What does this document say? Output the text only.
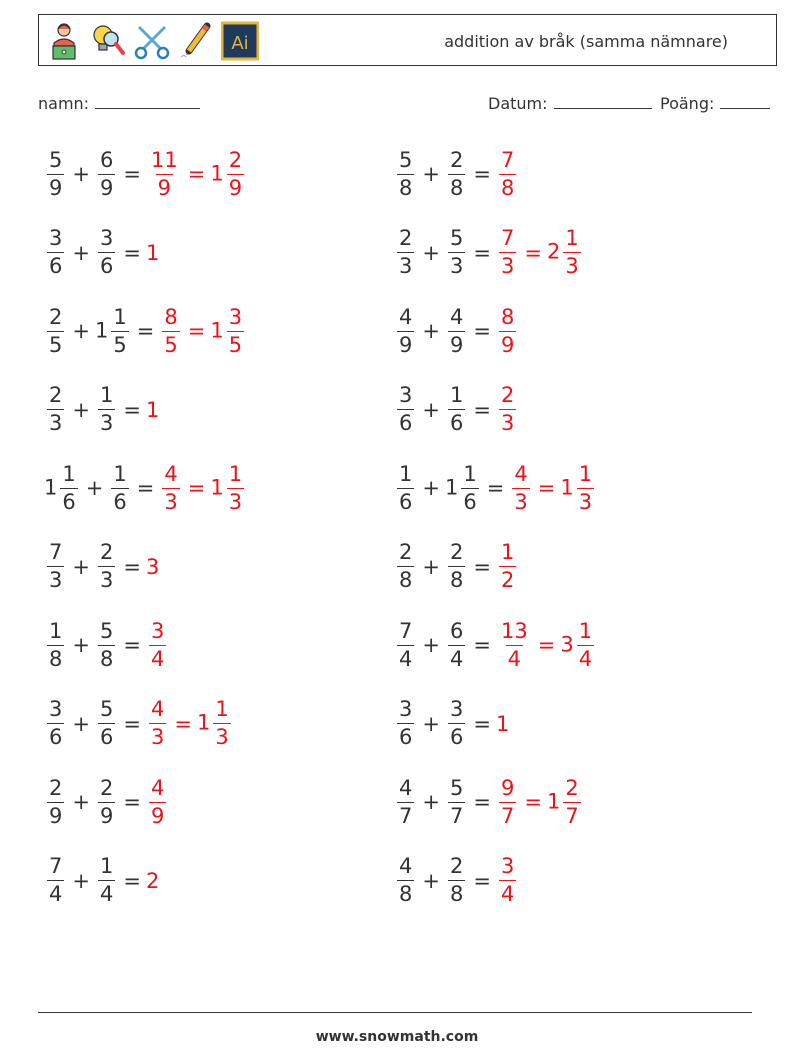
Ai	addition av bråk (samma nämnare)
namn:	Datum:	Poäng:
$\frac{5}{9} + \frac{6}{9} = \frac{11}{9} = 1 \frac{2}{9}$
$\frac{3}{6} + \frac{3}{6} = 1$
$\frac{2}{5} + 1 \frac{1}{5} = \frac{8}{5} = 1 \frac{3}{5}$
$\frac{2}{3} + \frac{1}{3} = 1$
$1 \frac{1}{6} + \frac{1}{6} = \frac{4}{3} = 1 \frac{1}{3}$
$\frac{7}{3} + \frac{2}{3} = 3$
$\frac{1}{8} + \frac{5}{8} = \frac{3}{4}$
$\frac{3}{6} + \frac{5}{6} = \frac{4}{3} = 1 \frac{1}{3}$
$\frac{2}{9} + \frac{2}{9} = \frac{4}{9}$
$\frac{7}{4} + \frac{1}{4} = 2$
$\frac{5}{8} + \frac{2}{8} = \frac{7}{8}$
$\frac{2}{3} + \frac{5}{3} = \frac{7}{3} = 2 \frac{1}{3}$
$\frac{4}{9} + \frac{4}{9} = \frac{8}{9}$
$\frac{3}{6} + \frac{1}{6} = \frac{2}{3}$
$\frac{1}{6} + 1 \frac{1}{6} = \frac{4}{3} = 1 \frac{1}{3}$
$\frac{2}{8} + \frac{2}{8} = \frac{1}{2}$
$\frac{7}{4} + \frac{6}{4} = \frac{13}{4} = 3 \frac{1}{4}$
$\frac{3}{6} + \frac{3}{6} = 1$
$\frac{4}{7} + \frac{5}{7} = \frac{9}{7} = 1 \frac{2}{7}$
$\frac{4}{8} + \frac{2}{8} = \frac{3}{4}$
www.snowmath.com
